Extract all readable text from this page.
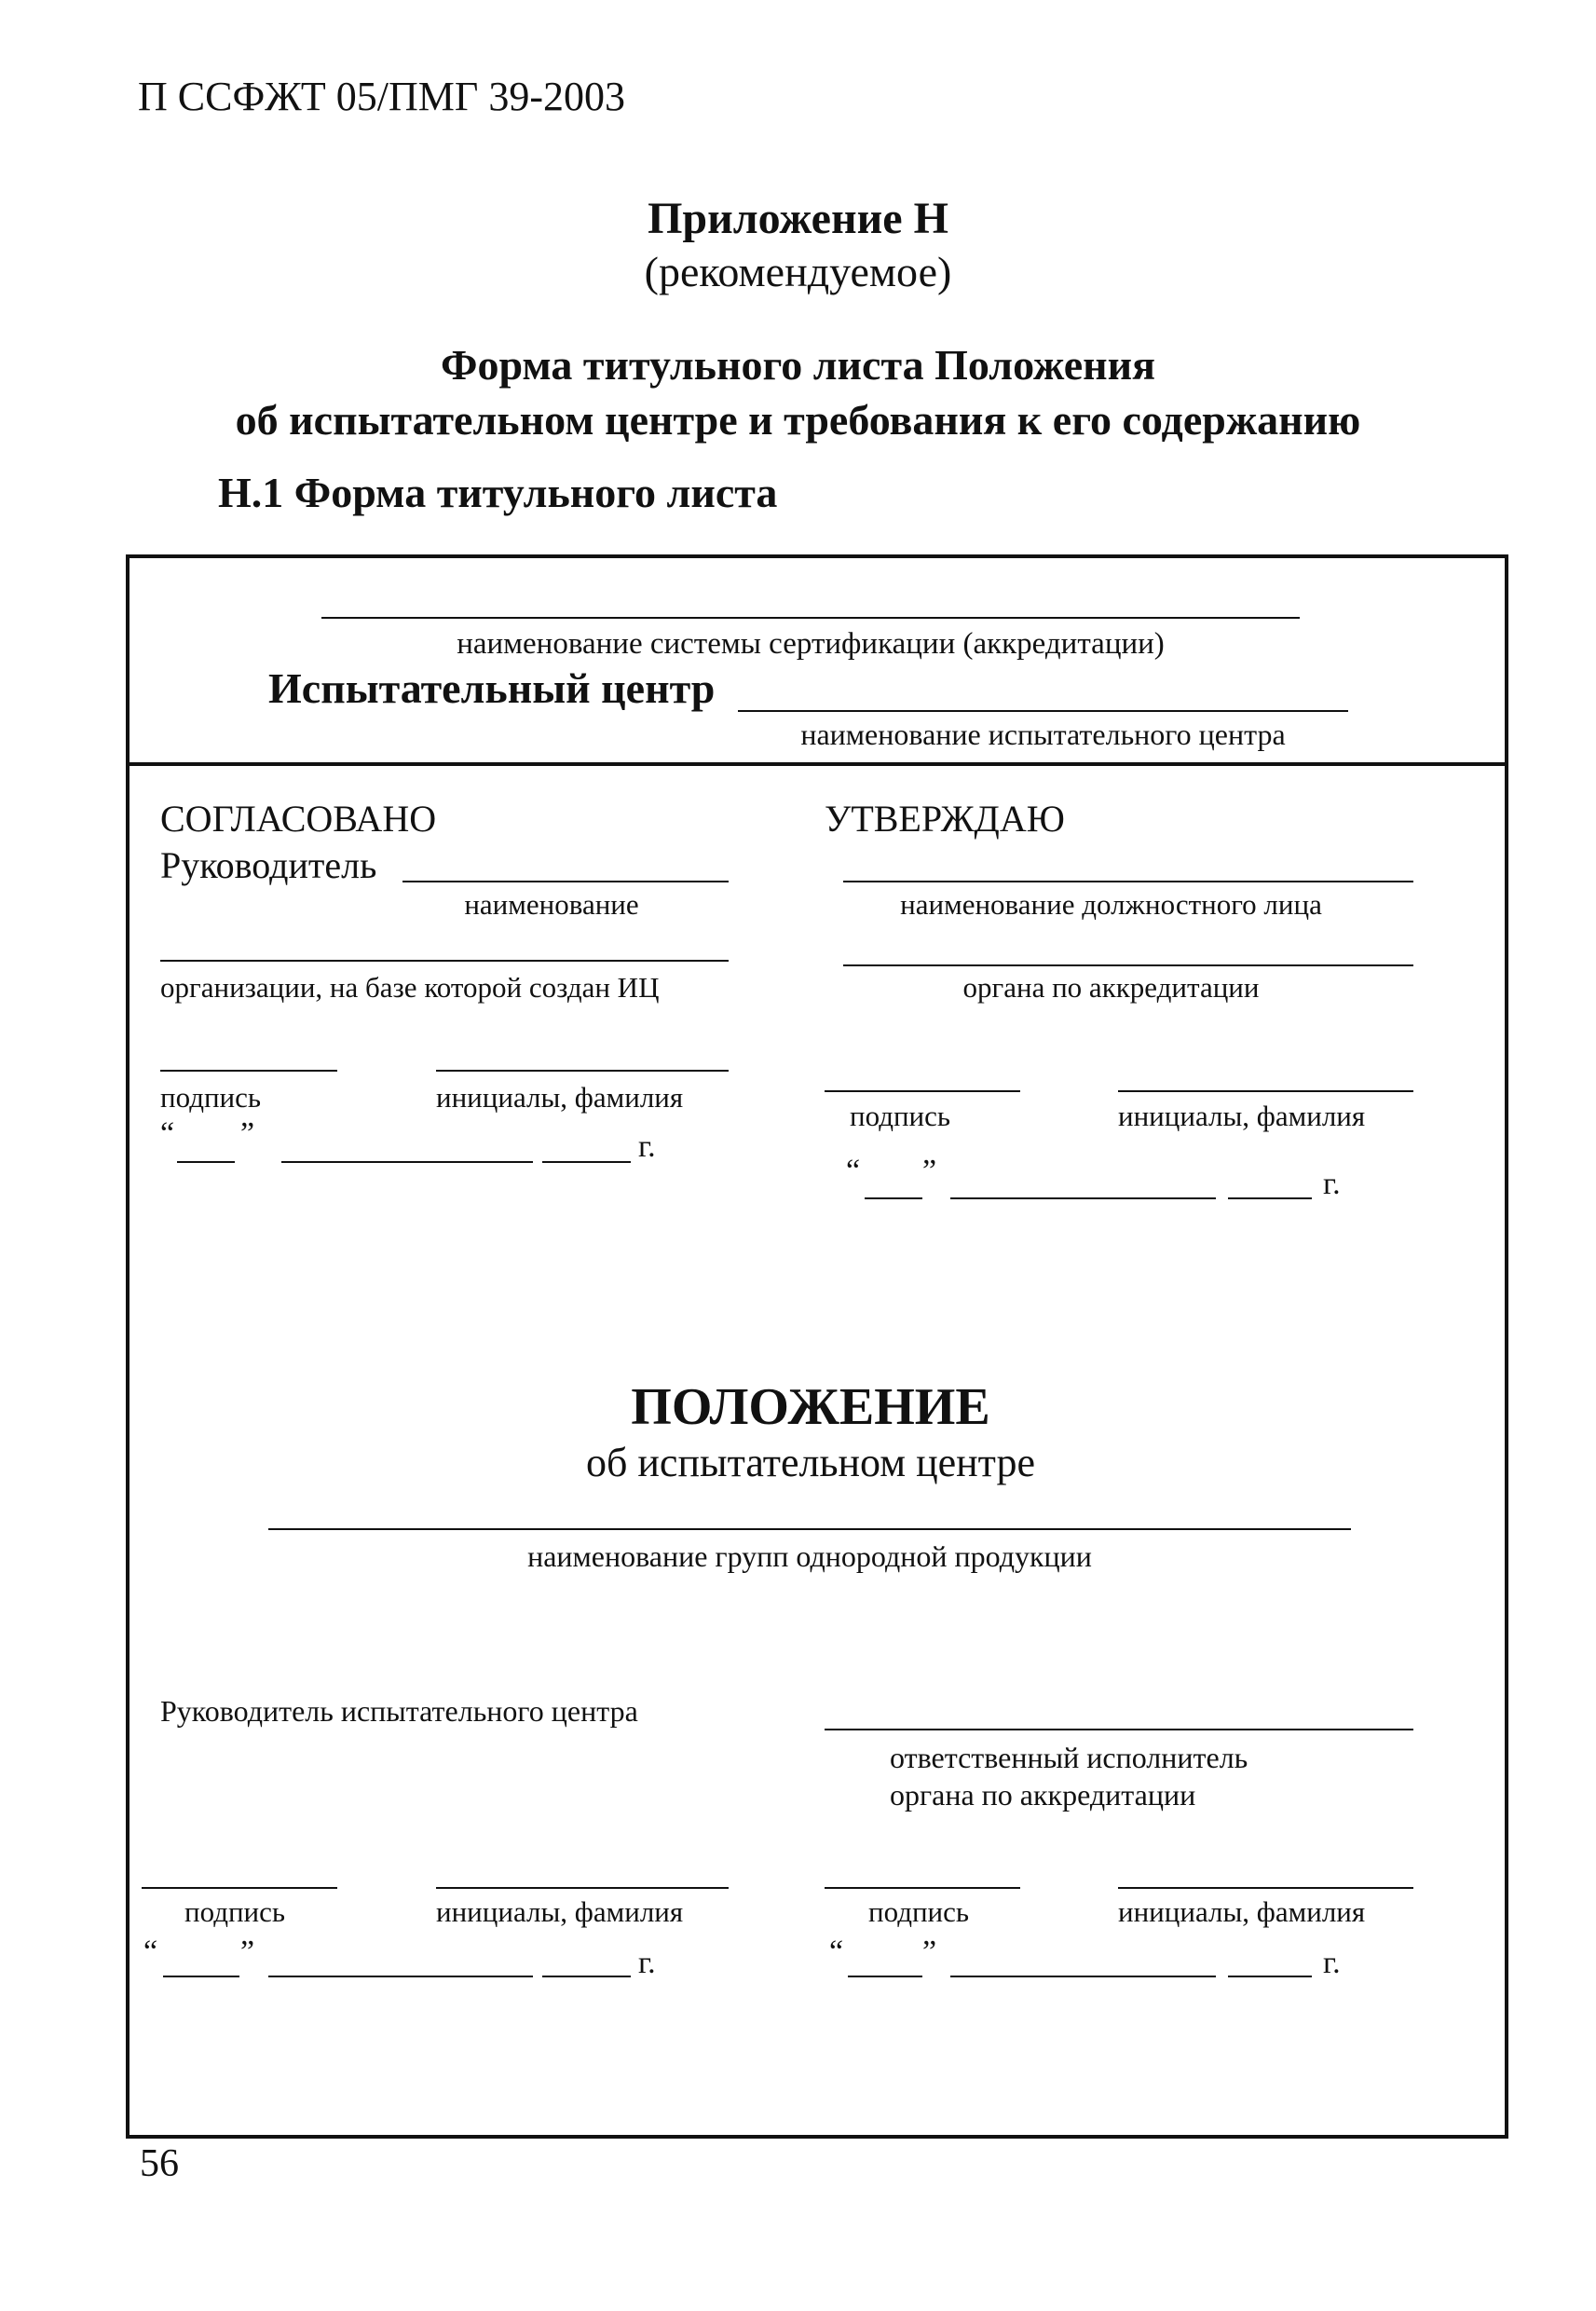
П ССФЖТ 05/ПМГ 39-2003
Приложение Н
(рекомендуемое)
Форма титульного листа Положения
об испытательном центре и требования к его содержанию
Н.1 Форма титульного листа
наименование системы сертификации (аккредитации)
Испытательный центр
наименование испытательного центра
СОГЛАСОВАНО
Руководитель
наименование
организации, на базе которой создан ИЦ
подпись	инициалы, фамилия
“ ”	г.
УТВЕРЖДАЮ
наименование должностного лица
органа по аккредитации
подпись	инициалы, фамилия
“ ”	г.
ПОЛОЖЕНИЕ
об испытательном центре
наименование групп однородной продукции
Руководитель испытательного центра
подпись	инициалы, фамилия
“	”	г.
ответственный исполнитель
органа по аккредитации
подпись	инициалы, фамилия
“ ”	г.
56
